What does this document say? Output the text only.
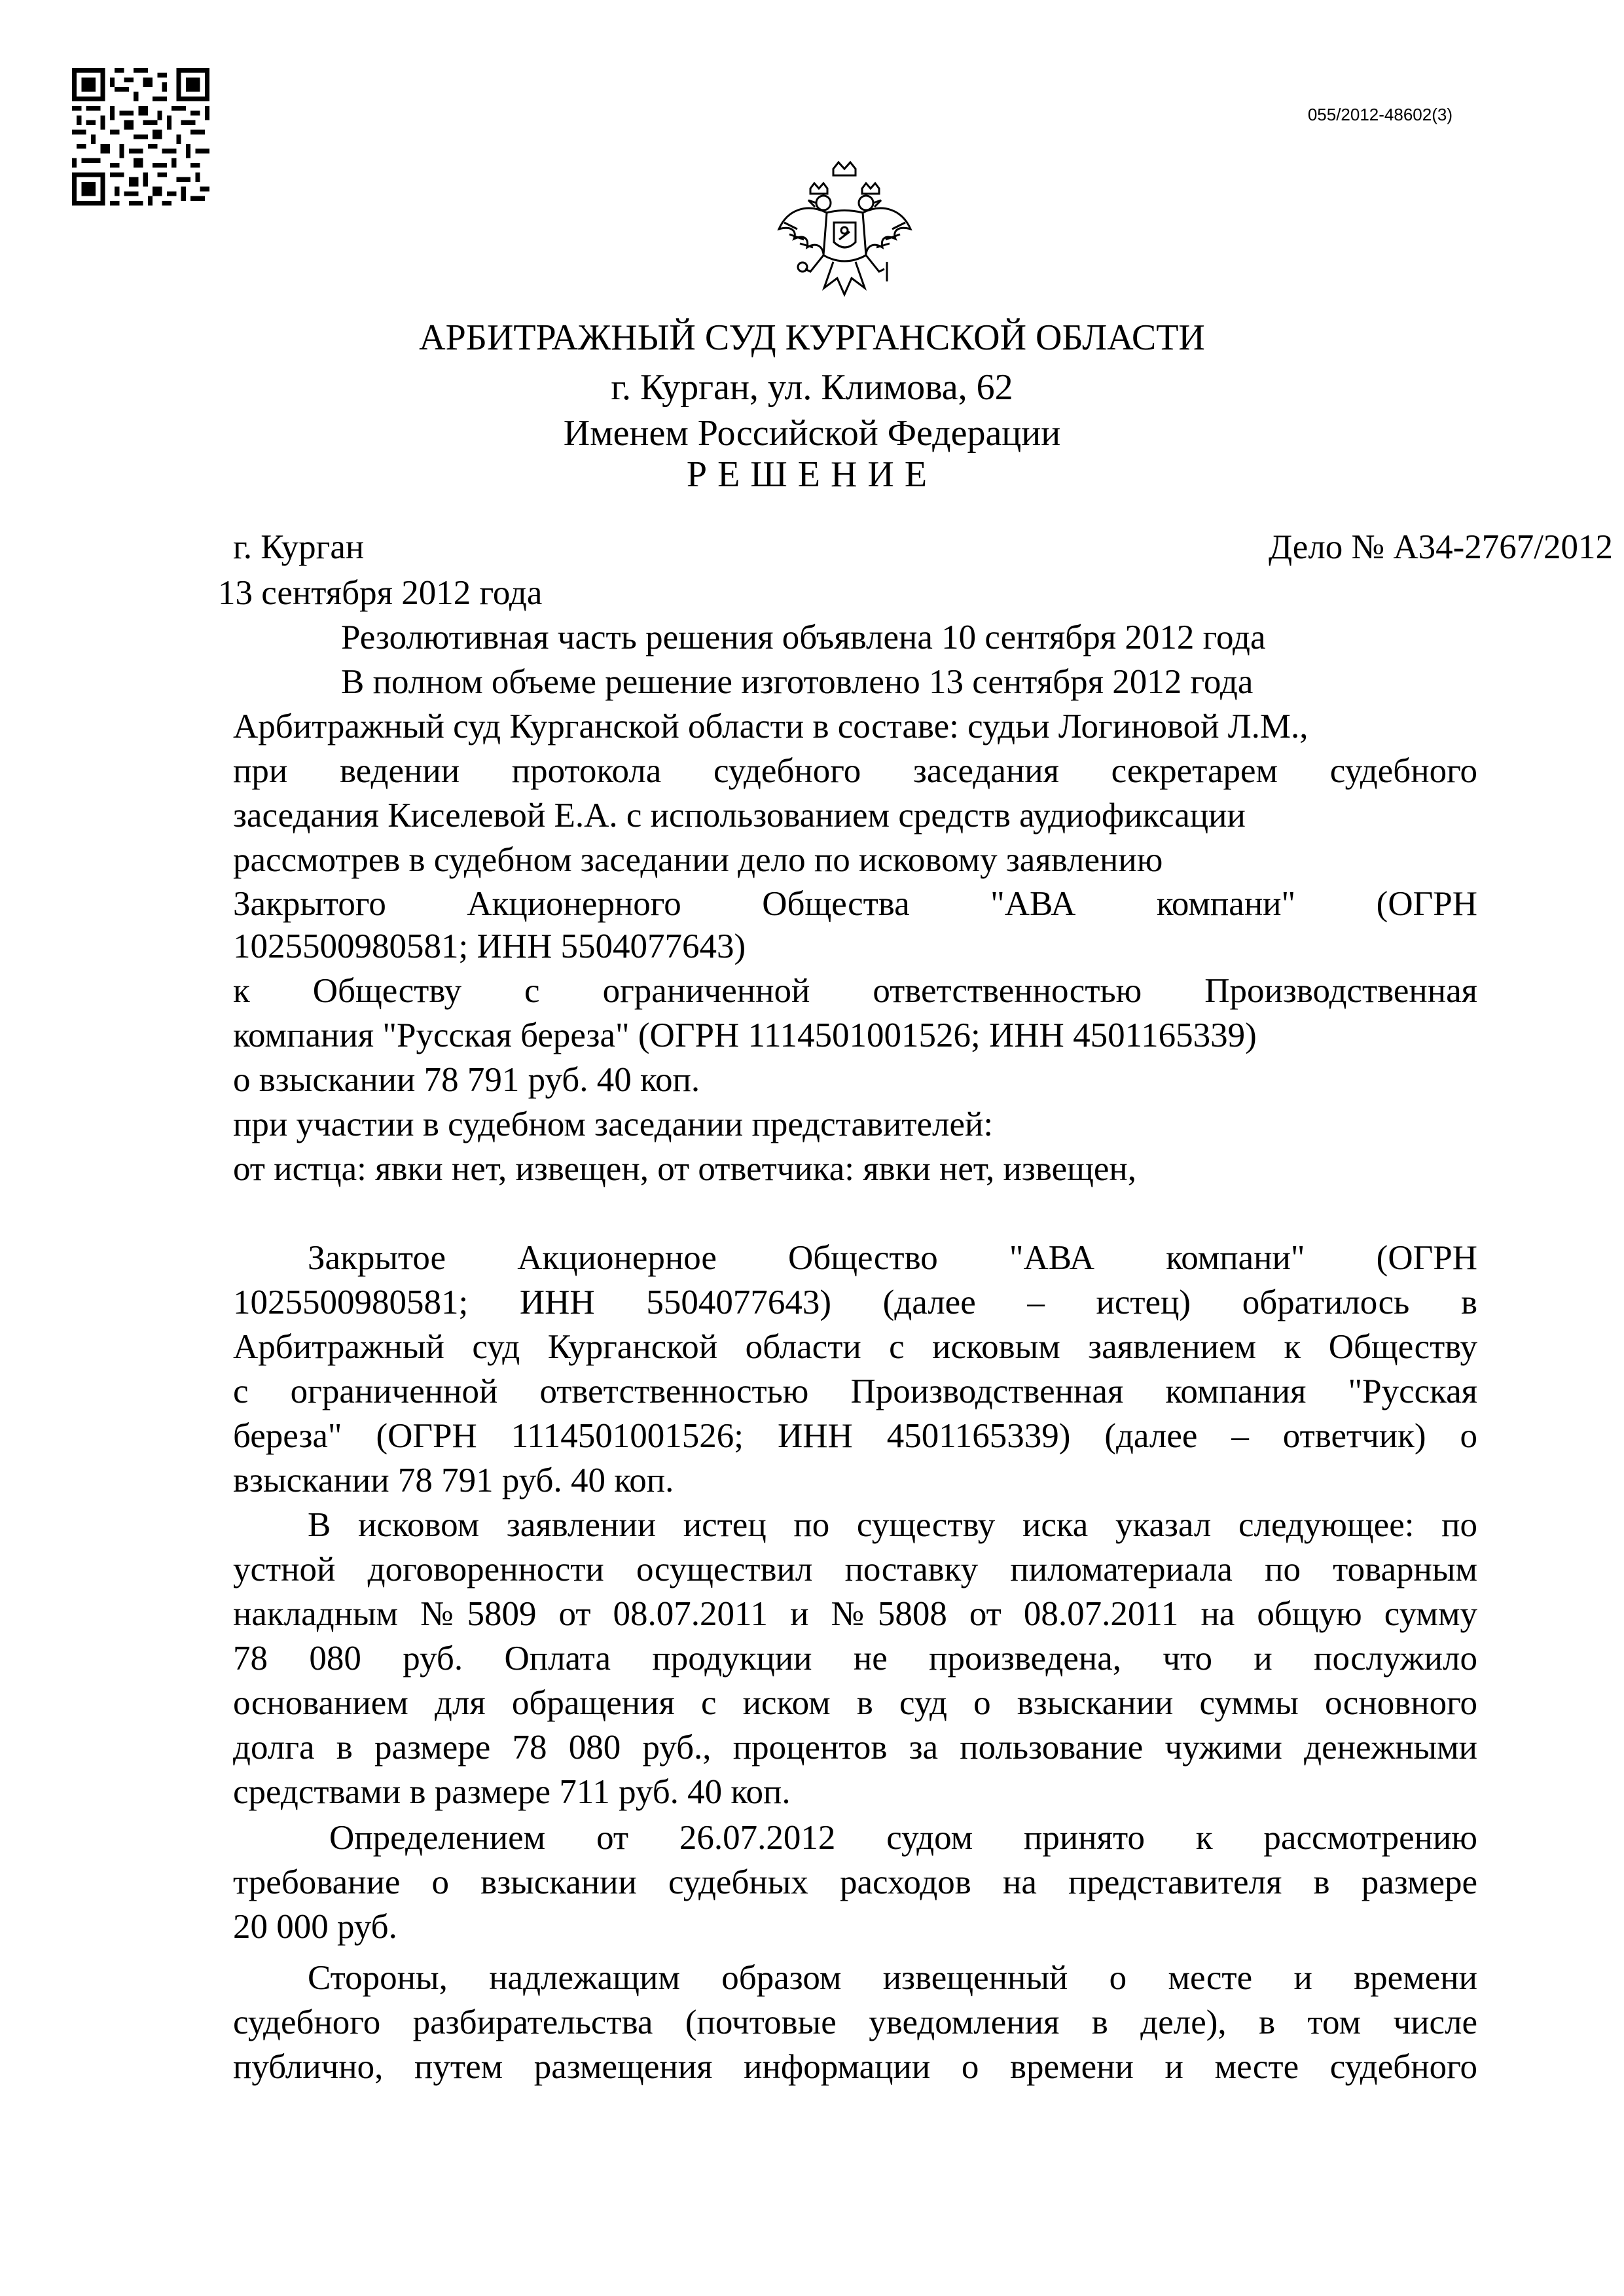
055/2012-48602(3)
АРБИТРАЖНЫЙ СУД КУРГАНСКОЙ ОБЛАСТИ
г. Курган, ул. Климова, 62
Именем Российской Федерации
РЕШЕНИЕ
г. Курган	Дело № А34-2767/2012
13 сентября 2012 года
Резолютивная часть решения объявлена 10 сентября 2012 года
В полном объеме решение изготовлено 13 сентября 2012 года
Арбитражный суд Курганской области в составе: судьи Логиновой Л.М.,
при ведении протокола судебного заседания секретарем судебного
заседания Киселевой Е.А. с использованием средств аудиофиксации
рассмотрев в судебном заседании дело по исковому заявлению
Закрытого Акционерного Общества "АВА компани" (ОГРН
1025500980581; ИНН 5504077643)
к Обществу с ограниченной ответственностью Производственная
компания "Русская береза" (ОГРН 1114501001526; ИНН 4501165339)
о взыскании 78 791 руб. 40 коп.
при участии в судебном заседании представителей:
от истца: явки нет, извещен, от ответчика: явки нет, извещен,
Закрытое Акционерное Общество "АВА компани" (ОГРН
1025500980581; ИНН 5504077643) (далее – истец) обратилось в
Арбитражный суд Курганской области с исковым заявлением к Обществу
с ограниченной ответственностью Производственная компания "Русская
береза" (ОГРН 1114501001526; ИНН 4501165339) (далее – ответчик) о
взыскании 78 791 руб. 40 коп.
В исковом заявлении истец по существу иска указал следующее: по
устной договоренности осуществил поставку пиломатериала по товарным
накладным №5809 от 08.07.2011 и №5808 от 08.07.2011 на общую сумму
78 080 руб. Оплата продукции не произведена, что и послужило
основанием для обращения с иском в суд о взыскании суммы основного
долга в размере 78 080 руб., процентов за пользование чужими денежными
средствами в размере 711 руб. 40 коп.
Определением от 26.07.2012 судом принято к рассмотрению
требование о взыскании судебных расходов на представителя в размере
20 000 руб.
Стороны, надлежащим образом извещенный о месте и времени
судебного разбирательства (почтовые уведомления в деле), в том числе
публично, путем размещения информации о времени и месте судебного
